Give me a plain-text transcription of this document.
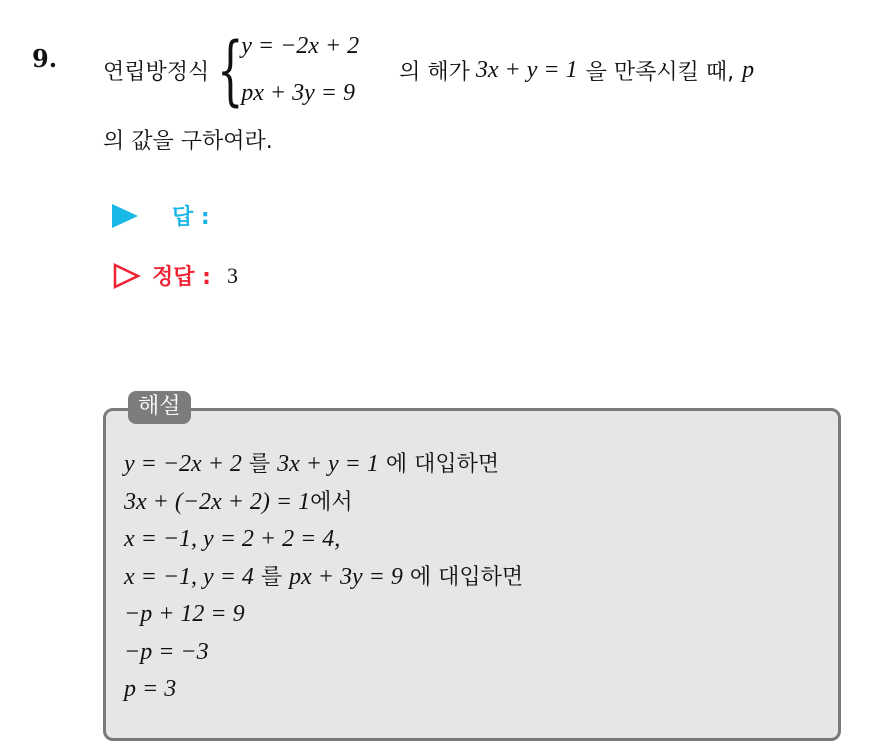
9. 연립방정식 {
y = −2x + 2
px + 3y = 9
의 해가 3x + y = 1 을 만족시킬 때, p
의 값을 구하여라.
답 :
정답 : 3
해설
y = −2x + 2 를 3x + y = 1 에 대입하면
3x + (−2x + 2) = 1에서
x = −1, y = 2 + 2 = 4,
x = −1, y = 4 를 px + 3y = 9 에 대입하면
−p + 12 = 9
−p = −3
p = 3
